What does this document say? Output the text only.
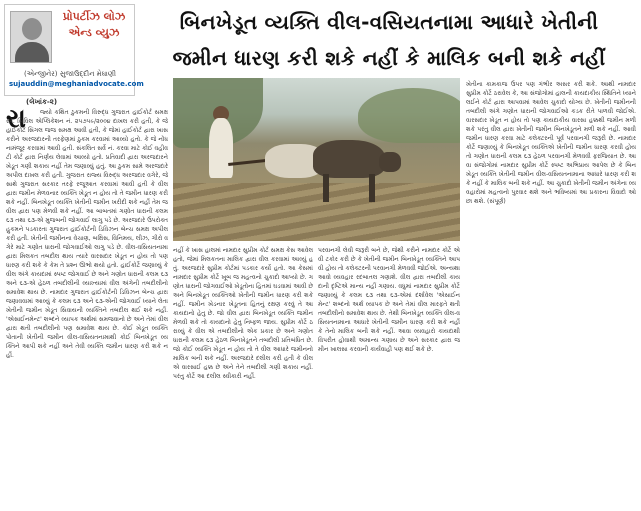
પ્રોપર્ટીઝ લોઝ
એન્ડ વ્યુઝ
(એન્જીનેર) સુજાઉદ્દીન મેઘાણી
sujauddin@meghaniadvocate.com
બિનખેડૂત વ્યક્તિ વીલ-વસિયતનામા આધારે ખેતીની
જમીન ધારણ કરી શકે નહીં કે માલિક બની શકે નહીં
(લેખાંક-૨)
રા	જ્યો કથિત ઠુકમની વિરુદ્ધ ગુજરાત હાઈકોર્ટ સમક્ષ સ્પે. સિવિલ એપ્લિકેશન નં. ૨૫૭૫૯/૨૦૦૪ દાખલ કરી હતી, કે જે હાઈકોર્ટ સિંગલ જજ સમક્ષ આવી હતી, કે જેમાં હાઈકોર્ટ દ્વારા ખાસ કરીને અરજદારની તરફેણમાં ઠુકમ કરવામાં આવ્યો હતો. કે જે નોંધ નામંજૂર કરવામાં આવી હતી. સંકલિત સર્વે નં. કરવા માટે કોઈ વહીવટી કોર્ટ દ્વારા નિર્ણય લેવામાં આવ્યો હતો. પ્રતિવાદી દ્વારા અરજદારને ખેડૂત ગણી શકાય નહીં તેમ જણાવ્યું હતું. આ ઠુકમ સામે અરજદારે અપીલ દાખલ કરી હતી. ગુજરાત રાજ્ય વિરુદ્ધ અરજદાર વગેરે, જે સાથે ગુજરાત સરકાર તરફે રજૂઆત કરવામાં આવી હતી કે વીલ દ્વારા જમીન મેળવનાર વ્યક્તિ ખેડૂત ન હોય તો તે જમીન ધારણ કરી શકે નહીં. બિનખેડૂત વ્યક્તિ ખેતીની જમીન ખરીદી શકે નહીં તેમ જ વીલ દ્વારા પણ મેળવી શકે નહીં. આ બાબતમાં ગણોત ધારાની કલમ ૬૩ તથા ૬૩-એ મુજબની જોગવાઈ લાગુ પડે છે. અરજદારે ઉપરોક્ત હુકમને પડકારતા ગુજરાત હાઈકોર્ટની ડિવિઝન બેન્ચ સમક્ષ અપીલ કરી હતી. ખેતીની જમીનના વેચાણ, બક્ષિસ, વિનિમય, લીઝ, ગીરો વગેરે માટે ગણોત ધારાની જોગવાઈઓ લાગુ પડે છે. વીલ-વસિયતનામા દ્વારા મિલકત તબદીલ થાય ત્યારે વારસદાર ખેડૂત ન હોય તો પણ ધારણ કરી શકે કે કેમ તે પ્રશ્ન ઊભો થયો હતો. હાઈકોર્ટે જણાવ્યું કે વીલ અંગે કાયદામાં સ્પષ્ટ જોગવાઈ છે અને ગણોત ધારાની કલમ ૬૩ અને ૬૩-એ હેઠળ તબદીલીની વ્યાખ્યામાં વીલ અંગેની તબદીલીનો સમાવેશ થાય છે. નામદાર ગુજરાત હાઈકોર્ટની ડિવિઝન બેન્ચ દ્વારા જણાવવામાં આવ્યું કે કલમ ૬૩ અને ૬૩-એની જોગવાઈ ધ્યાને લેતા ખેતીની જમીન ખેડૂત સિવાયની વ્યક્તિને તબદીલ થઈ શકે નહીં. 'એસાઈનમેન્ટ' શબ્દને વ્યાપક અર્થમાં સમજવાનો છે અને તેમાં વીલ દ્વારા થતી તબદીલીનો પણ સમાવેશ થાય છે. કોઈ ખેડૂત વ્યક્તિ પોતાની ખેતીની જમીન વીલ-વસિયતનામાથી કોઈ બિનખેડૂત વ્યક્તિને આપી શકે નહીં અને તેવી વ્યક્તિ જમીન ધારણ કરી શકે નહીં.
નહીં કે ખાસ હાલમાં નામદાર સુપ્રીમ કોર્ટ સમક્ષ કેસ આવેલ હતો, જેમાં મિલકતના માલિક દ્વારા વીલ કરવામાં આવ્યું હતું. અરજદારે સુપ્રીમ કોર્ટમાં પડકાર કર્યો હતો. આ કેસમાં નામદાર સુપ્રીમ કોર્ટે ખૂબ જ મહત્વનો ચુકાદો આપ્યો છે. ગણોત ધારાની જોગવાઈઓ ખેડૂતોના હિતમાં ઘડવામાં આવી છે અને બિનખેડૂત વ્યક્તિઓ ખેતીની જમીન ધારણ કરી શકે નહીં. જમીન ખેડનાર ખેડૂતના હિતનું રક્ષણ કરવું તે આ કાયદાનો હેતુ છે. જો વીલ દ્વારા બિનખેડૂત વ્યક્તિ જમીન મેળવી શકે તો કાયદાનો હેતુ નિષ્ફળ જાય. સુપ્રીમ કોર્ટે ઠરાવ્યું કે વીલ એ તબદીલીનો એક પ્રકાર છે અને ગણોત ધારાની કલમ ૬૩ હેઠળ બિનખેડૂતને તબદીલી પ્રતિબંધિત છે. જો કોઈ વ્યક્તિ ખેડૂત ન હોય તો તે વીલ આધારે જમીનનો માલિક બની શકે નહીં. અરજદારે દલીલ કરી હતી કે વીલ એ વારસાઈ હક્ક છે અને તેને તબદીલી ગણી શકાય નહીં. પરંતુ કોર્ટે આ દલીલ સ્વીકારી નહીં.
પરવાનગી લેવી જરૂરી બને છે, જેથી કરીને નામદાર કોર્ટે એવી ટકોર કરી છે કે ખેતીની જમીન બિનખેડૂત વ્યક્તિને આપવી હોય તો કલેક્ટરની પરવાનગી મેળવવી જોઈએ. અન્યથા આવો વ્યવહાર રદબાતલ ગણાશે. વીલ દ્વારા તબદીલી કાયદાની દૃષ્ટિએ માન્ય નહીં ગણાય. વધુમાં નામદાર સુપ્રીમ કોર્ટે જણાવ્યું કે કલમ ૬૩ તથા ૬૩-એમાં દર્શાવેલ 'એસાઈનમેન્ટ' શબ્દનો અર્થ વ્યાપક છે અને તેમાં વીલ મારફતે થતી તબદીલીનો સમાવેશ થાય છે. તેથી બિનખેડૂત વ્યક્તિ વીલ-વસિયતનામાના આધારે ખેતીની જમીન ધારણ કરી શકે નહીં કે તેનો માલિક બની શકે નહીં. આવા વ્યવહારો કાયદાથી વિપરીત હોવાથી અમાન્ય ગણાય છે અને સરકાર દ્વારા જમીન ખાલસા કરવાની કાર્યવાહી પણ થઈ શકે છે.
ખેતીના કામકાજ ઉપર પણ ગંભીર અસર કરી શકે. આથી નામદાર સુપ્રીમ કોર્ટે ઠરાવેલ કે, આ સંજોગોમાં હાલની કાયદાકીય સ્થિતિને ધ્યાને લઈને કોર્ટ દ્વારા આપવામાં આવેલ ચુકાદો યોગ્ય છે. ખેતીની જમીનની તબદીલી અંગે ગણોત ધારાની જોગવાઈઓ કડક રીતે પાળવી જોઈએ. વારસદાર ખેડૂત ન હોય તો પણ કાયદાકીય વારસા હક્કથી જમીન મળી શકે પરંતુ વીલ દ્વારા ખેતીની જમીન બિનખેડૂતને મળી શકે નહીં. આવી જમીન ધારણ કરવા માટે કલેક્ટરની પૂર્વ પરવાનગી જરૂરી છે. નામદાર કોર્ટે જણાવ્યું કે બિનખેડૂત વ્યક્તિએ ખેતીની જમીન ધારણ કરવી હોય તો ગણોત ધારાની કલમ ૬૩ હેઠળ પરવાનગી મેળવવી ફરજિયાત છે. આવા સંજોગોમાં નામદાર સુપ્રીમ કોર્ટે સ્પષ્ટ અભિપ્રાય આપેલ છે કે બિનખેડૂત વ્યક્તિ ખેતીની જમીન વીલ-વસિયતનામાના આધારે ધારણ કરી શકે નહીં કે માલિક બની શકે નહીં. આ ચુકાદો ખેતીની જમીન અંગેના વ્યવહારોમાં મહત્વનો પુરવાર થશે અને ભવિષ્યમાં આ પ્રકારના વિવાદો ઓછા થશે. (સંપૂર્ણ)
